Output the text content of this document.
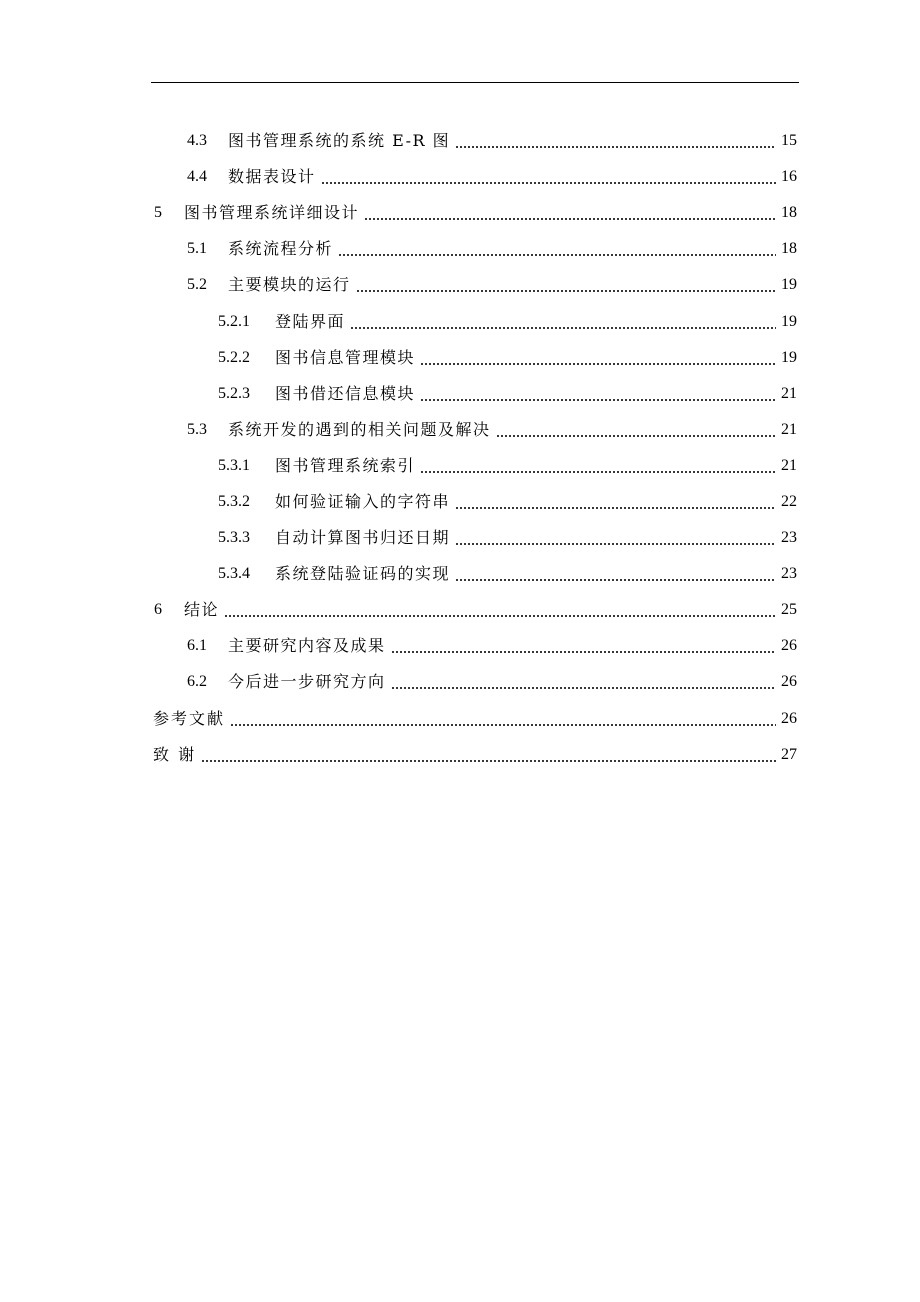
4.3	图书管理系统的系统 E-R 图	15
4.4	数据表设计	16
5	图书管理系统详细设计	18
5.1	系统流程分析	18
5.2	主要模块的运行	19
5.2.1	登陆界面	19
5.2.2	图书信息管理模块	19
5.2.3	图书借还信息模块	21
5.3	系统开发的遇到的相关问题及解决	21
5.3.1	图书管理系统索引	21
5.3.2	如何验证输入的字符串	22
5.3.3	自动计算图书归还日期	23
5.3.4	系统登陆验证码的实现	23
6	结论	25
6.1	主要研究内容及成果	26
6.2	今后进一步研究方向	26
参考文献	26
致 谢	27
